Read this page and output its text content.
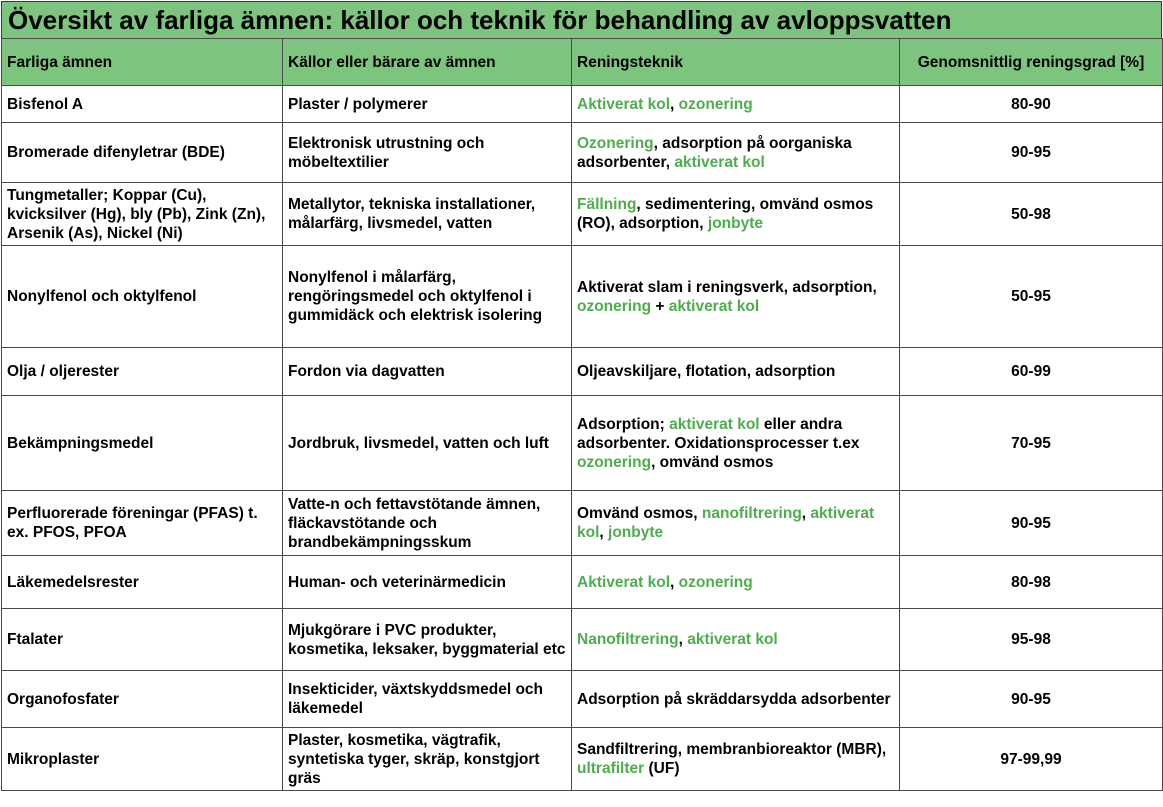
Översikt av farliga ämnen: källor och teknik för behandling av avloppsvatten
Farliga ämnen	Källor eller bärare av ämnen	Reningsteknik	Genomsnittlig reningsgrad [%]
Bisfenol A	Plaster / polymerer	Aktiverat kol, ozonering	80-90
Bromerade difenyletrar (BDE)	Elektronisk utrustning och möbeltextilier	Ozonering, adsorption på oorganiska adsorbenter, aktiverat kol	90-95
Tungmetaller; Koppar (Cu), kvicksilver (Hg), bly (Pb), Zink (Zn), Arsenik (As), Nickel (Ni)	Metallytor, tekniska installationer, målarfärg, livsmedel, vatten	Fällning, sedimentering, omvänd osmos (RO), adsorption, jonbyte	50-98
Nonylfenol och oktylfenol	Nonylfenol i målarfärg, rengöringsmedel och oktylfenol i gummidäck och elektrisk isolering	Aktiverat slam i reningsverk, adsorption, ozonering + aktiverat kol	50-95
Olja / oljerester	Fordon via dagvatten	Oljeavskiljare, flotation, adsorption	60-99
Bekämpningsmedel	Jordbruk, livsmedel, vatten och luft	Adsorption; aktiverat kol eller andra adsorbenter. Oxidationsprocesser t.ex ozonering, omvänd osmos	70-95
Perfluorerade föreningar (PFAS) t. ex. PFOS, PFOA	Vatte-n och fettavstötande ämnen, fläckavstötande och brandbekämpningsskum	Omvänd osmos, nanofiltrering, aktiverat kol, jonbyte	90-95
Läkemedelsrester	Human- och veterinärmedicin	Aktiverat kol, ozonering	80-98
Ftalater	Mjukgörare i PVC produkter, kosmetika, leksaker, byggmaterial etc	Nanofiltrering, aktiverat kol	95-98
Organofosfater	Insekticider, växtskyddsmedel och läkemedel	Adsorption på skräddarsydda adsorbenter	90-95
Mikroplaster	Plaster, kosmetika, vägtrafik, syntetiska tyger, skräp, konstgjort gräs	Sandfiltrering, membranbioreaktor (MBR), ultrafilter (UF)	97-99,99
